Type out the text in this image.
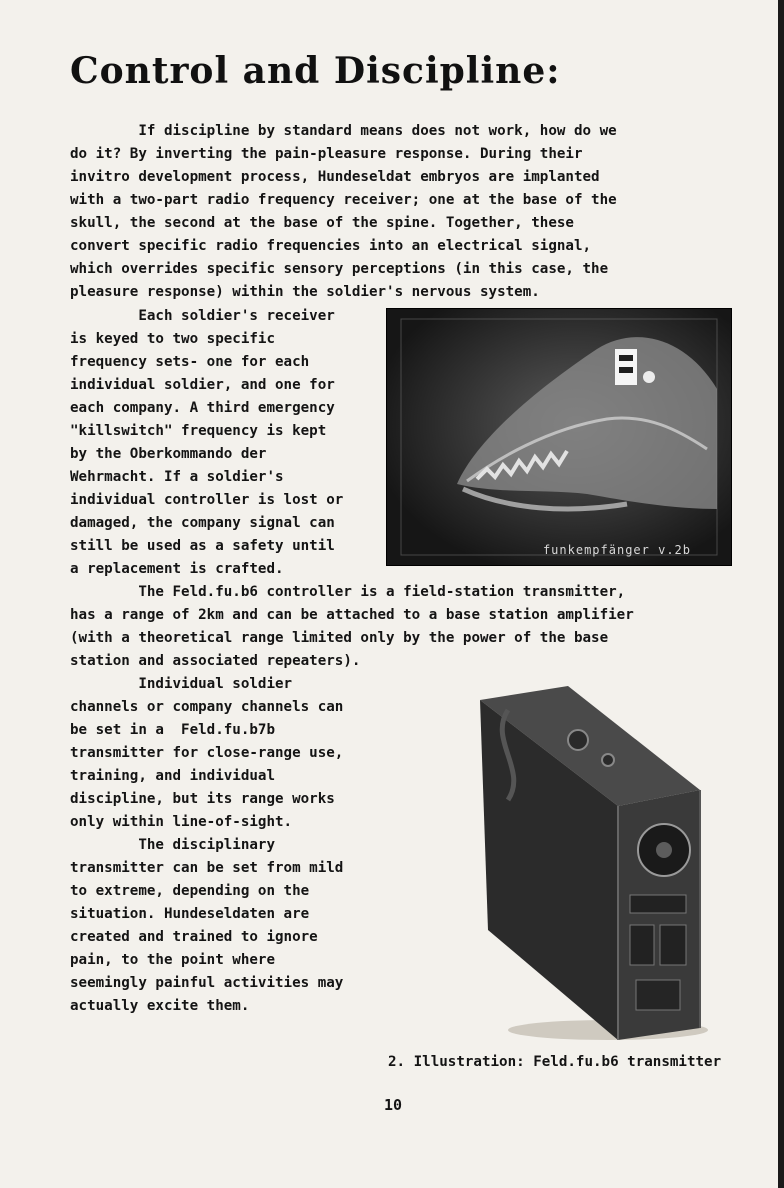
Control and Discipline:

If discipline by standard means does not work, how do we
do it? By inverting the pain-pleasure response. During their
invitro development process, Hundeseldat embryos are implanted
with a two-part radio frequency receiver; one at the base of the
skull, the second at the base of the spine. Together, these
convert specific radio frequencies into an electrical signal,
which overrides specific sensory perceptions (in this case, the
pleasure response) within the soldier's nervous system.

Each soldier's receiver
is keyed to two specific
frequency sets- one for each
individual soldier, and one for
each company. A third emergency
"killswitch" frequency is kept
by the Oberkommando der
Wehrmacht. If a soldier's
individual controller is lost or
damaged, the company signal can
still be used as a safety until
a replacement is crafted.

The Feld.fu.b6 controller is a field-station transmitter,
has a range of 2km and can be attached to a base station amplifier
(with a theoretical range limited only by the power of the base
station and associated repeaters).

Individual soldier
channels or company channels can
be set in a  Feld.fu.b7b
transmitter for close-range use,
training, and individual
discipline, but its range works
only within line-of-sight.

The disciplinary
transmitter can be set from mild
to extreme, depending on the
situation. Hundeseldaten are
created and trained to ignore
pain, to the point where
seemingly painful activities may
actually excite them.

funkempfänger v.2b
2. Illustration: Feld.fu.b6 transmitter
10
